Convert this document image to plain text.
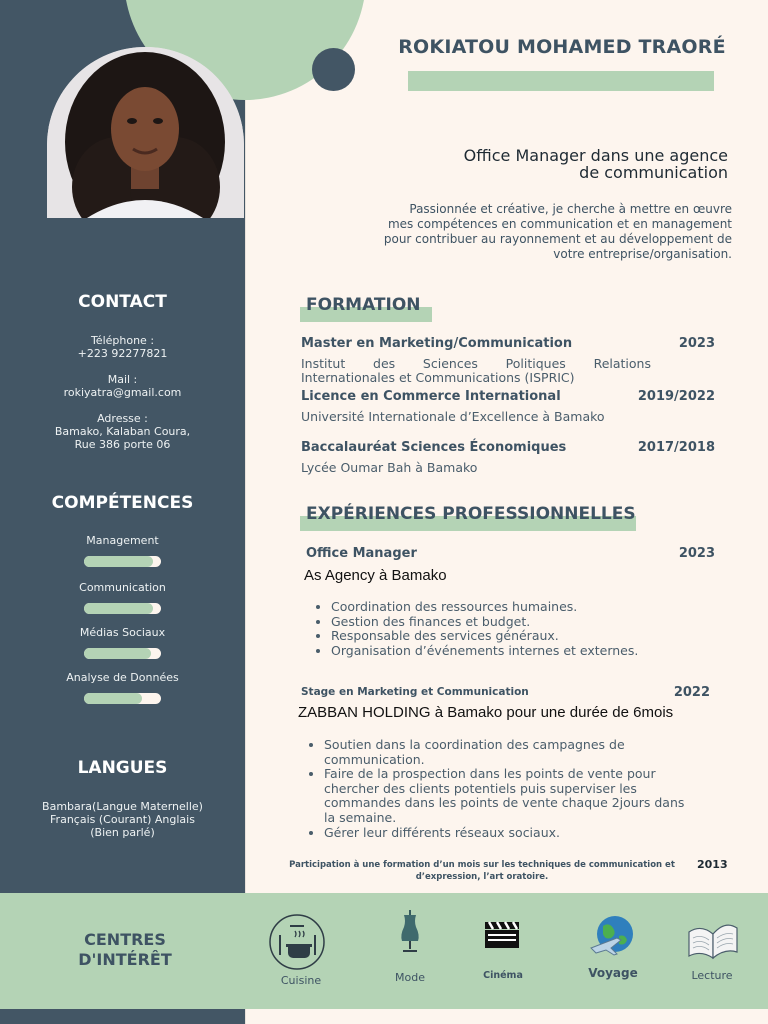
ROKIATOU MOHAMED TRAORÉ
Office Manager dans une agence
de communication
Passionnée et créative, je cherche à mettre en œuvre mes compétences en communication et en management pour contribuer au rayonnement et au développement de votre entreprise/organisation.
CONTACT
Téléphone :
+223 92277821
Mail :
rokiyatra@gmail.com
Adresse :
Bamako, Kalaban Coura,
Rue 386 porte 06
COMPÉTENCES
Management
Communication
Médias Sociaux
Analyse de Données
LANGUES
Bambara(Langue Maternelle)
Français (Courant) Anglais
(Bien parlé)
FORMATION
Master en Marketing/Communication	2023
Institut des Sciences Politiques Relations Internationales et Communications (ISPRIC)
Licence en Commerce International	2019/2022
Université Internationale d’Excellence à Bamako
Baccalauréat Sciences Économiques	2017/2018
Lycée Oumar Bah à Bamako
EXPÉRIENCES PROFESSIONNELLES
Office Manager	2023
As Agency à Bamako
• Coordination des ressources humaines.
• Gestion des finances et budget.
• Responsable des services généraux.
• Organisation d’événements internes et externes.
Stage en Marketing et Communication	2022
ZABBAN HOLDING à Bamako pour une durée de 6mois
• Soutien dans la coordination des campagnes de communication.
• Faire de la prospection dans les points de vente pour chercher des clients potentiels puis superviser les commandes dans les points de vente chaque 2jours dans la semaine.
• Gérer leur différents réseaux sociaux.
Participation à une formation d’un mois sur les techniques de communication et d’expression, l’art oratoire.
2013
CENTRES
D'INTÉRÊT
Cuisine	Mode	Cinéma	Voyage	Lecture
